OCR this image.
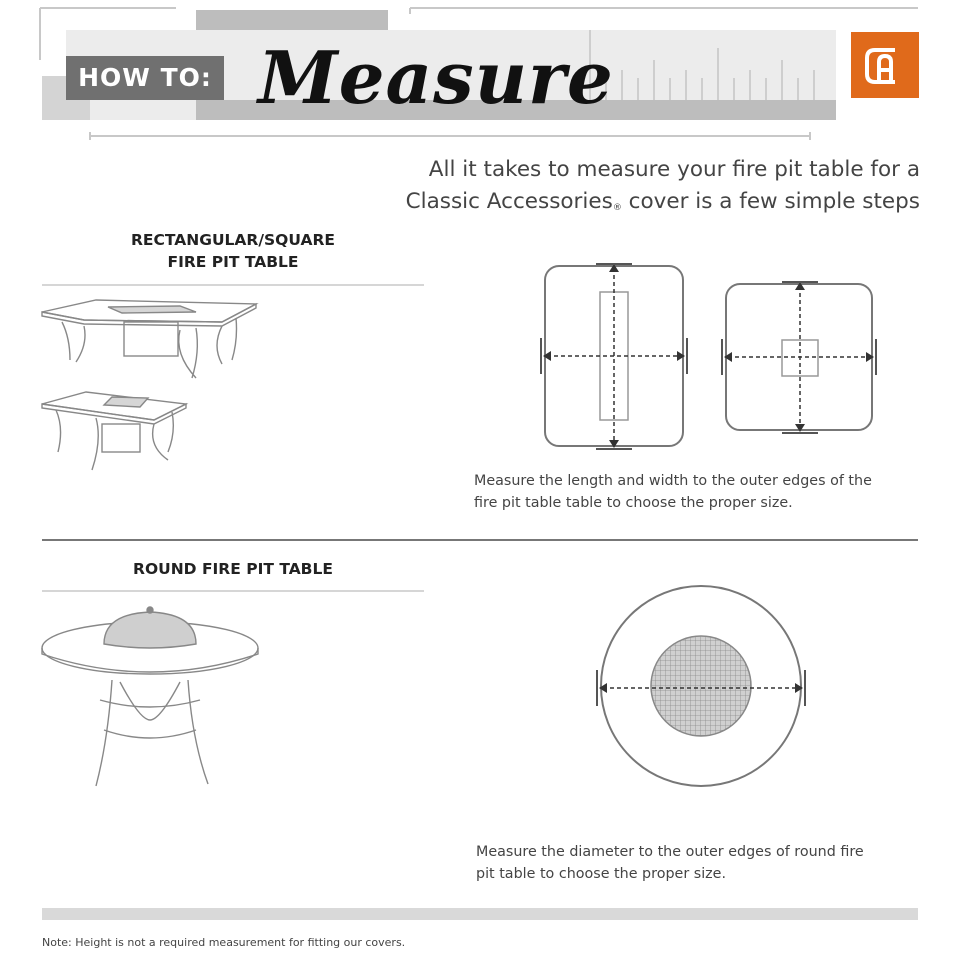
HOW TO: Measure
All it takes to measure your fire pit table for a
Classic Accessories® cover is a few simple steps
RECTANGULAR/SQUARE
FIRE PIT TABLE
Measure the length and width to the outer edges of the
fire pit table table to choose the proper size.
ROUND FIRE PIT TABLE
Measure the diameter to the outer edges of round fire
pit table to choose the proper size.
Note: Height is not a required measurement for fitting our covers.
